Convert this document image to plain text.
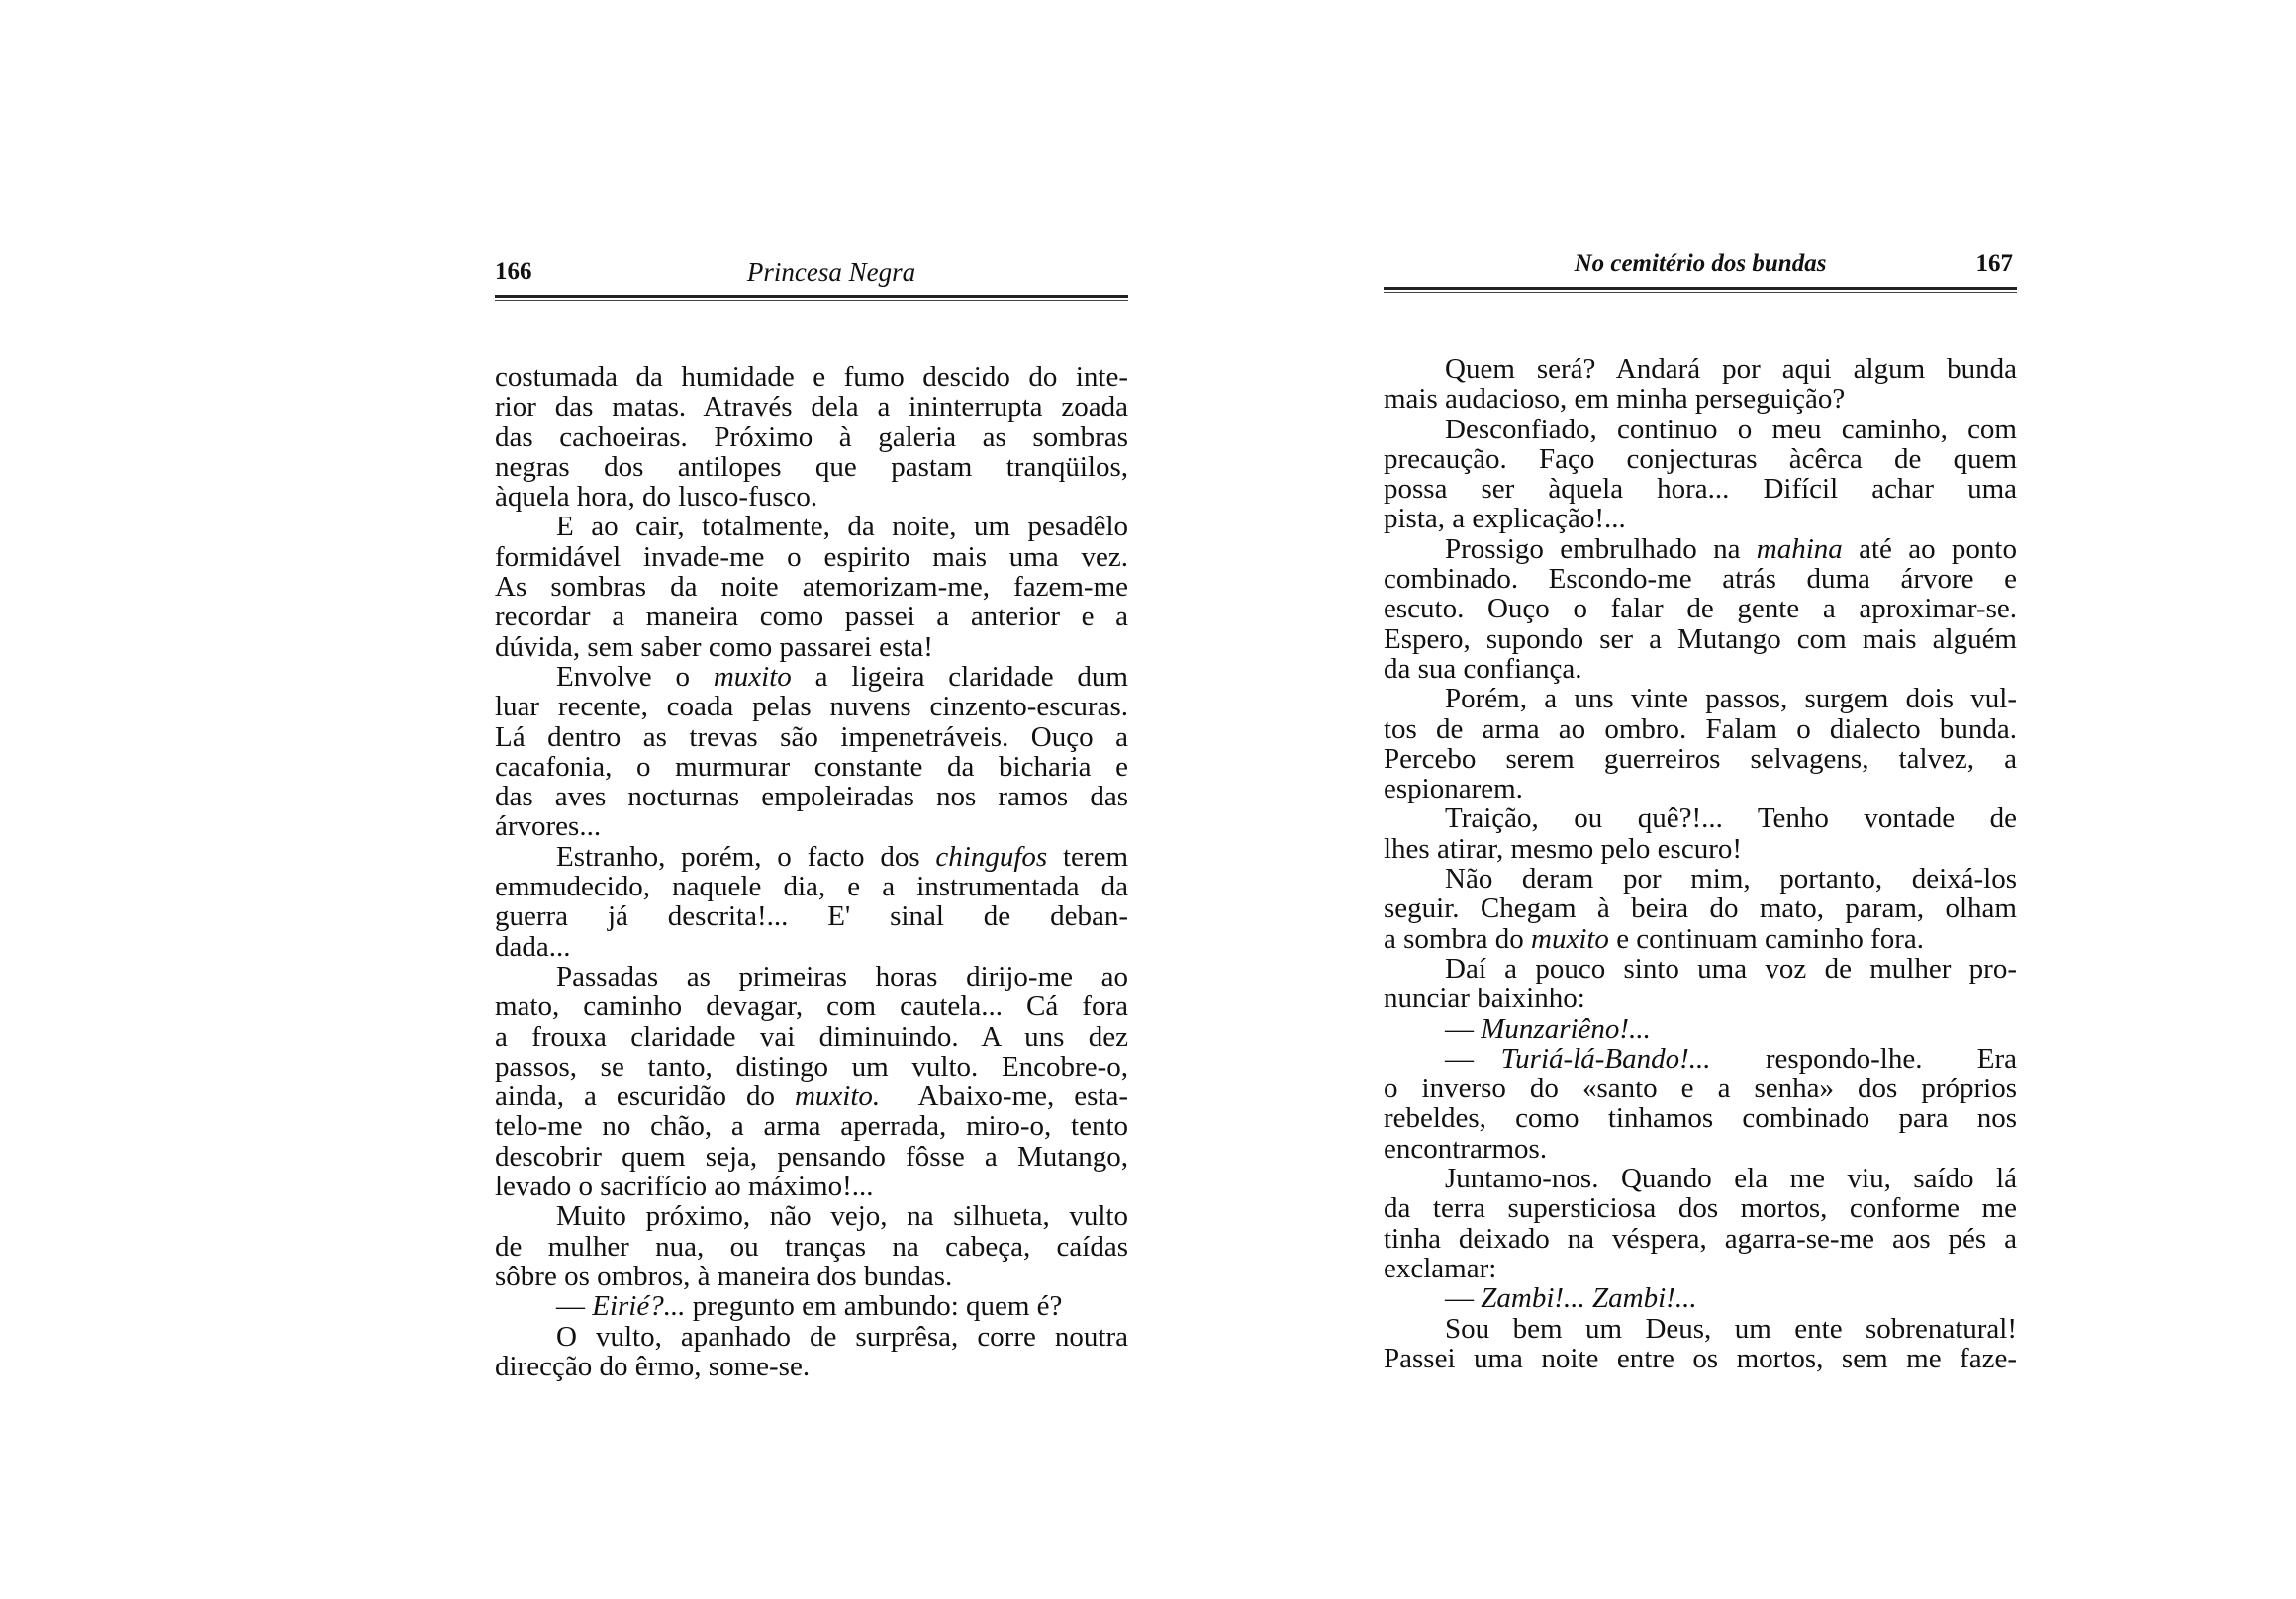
166	Princesa Negra
costumada da humidade e fumo descido do inte-
rior das matas. Através dela a ininterrupta zoada
das cachoeiras. Próximo à galeria as sombras
negras dos antilopes que pastam tranqüilos,
àquela hora, do lusco-fusco.
E ao cair, totalmente, da noite, um pesadêlo
formidável invade-me o espirito mais uma vez.
As sombras da noite atemorizam-me, fazem-me
recordar a maneira como passei a anterior e a
dúvida, sem saber como passarei esta!
Envolve o muxito a ligeira claridade dum
luar recente, coada pelas nuvens cinzento-escuras.
Lá dentro as trevas são impenetráveis. Ouço a
cacafonia, o murmurar constante da bicharia e
das aves nocturnas empoleiradas nos ramos das
árvores...
Estranho, porém, o facto dos chingufos terem
emmudecido, naquele dia, e a instrumentada da
guerra já descrita!... E' sinal de deban-
dada...
Passadas as primeiras horas dirijo-me ao
mato, caminho devagar, com cautela... Cá fora
a frouxa claridade vai diminuindo. A uns dez
passos, se tanto, distingo um vulto. Encobre-o,
ainda, a escuridão do muxito.  Abaixo-me, esta-
telo-me no chão, a arma aperrada, miro-o, tento
descobrir quem seja, pensando fôsse a Mutango,
levado o sacrifício ao máximo!...
Muito próximo, não vejo, na silhueta, vulto
de mulher nua, ou tranças na cabeça, caídas
sôbre os ombros, à maneira dos bundas.
— Eirié?... pregunto em ambundo: quem é?
O vulto, apanhado de surprêsa, corre noutra
direcção do êrmo, some-se.
No cemitério dos bundas	167
Quem será? Andará por aqui algum bunda
mais audacioso, em minha perseguição?
Desconfiado, continuo o meu caminho, com
precaução. Faço conjecturas àcêrca de quem
possa ser àquela hora... Difícil achar uma
pista, a explicação!...
Prossigo embrulhado na mahina até ao ponto
combinado. Escondo-me atrás duma árvore e
escuto. Ouço o falar de gente a aproximar-se.
Espero, supondo ser a Mutango com mais alguém
da sua confiança.
Porém, a uns vinte passos, surgem dois vul-
tos de arma ao ombro. Falam o dialecto bunda.
Percebo serem guerreiros selvagens, talvez, a
espionarem.
Traição, ou quê?!... Tenho vontade de
lhes atirar, mesmo pelo escuro!
Não deram por mim, portanto, deixá-los
seguir. Chegam à beira do mato, param, olham
a sombra do muxito e continuam caminho fora.
Daí a pouco sinto uma voz de mulher pro-
nunciar baixinho:
— Munzariêno!...
— Turiá-lá-Bando!...  respondo-lhe.  Era
o inverso do «santo e a senha» dos próprios
rebeldes, como tinhamos combinado para nos
encontrarmos.
Juntamo-nos. Quando ela me viu, saído lá
da terra supersticiosa dos mortos, conforme me
tinha deixado na véspera, agarra-se-me aos pés a
exclamar:
— Zambi!... Zambi!...
Sou bem um Deus, um ente sobrenatural!
Passei uma noite entre os mortos, sem me faze-
